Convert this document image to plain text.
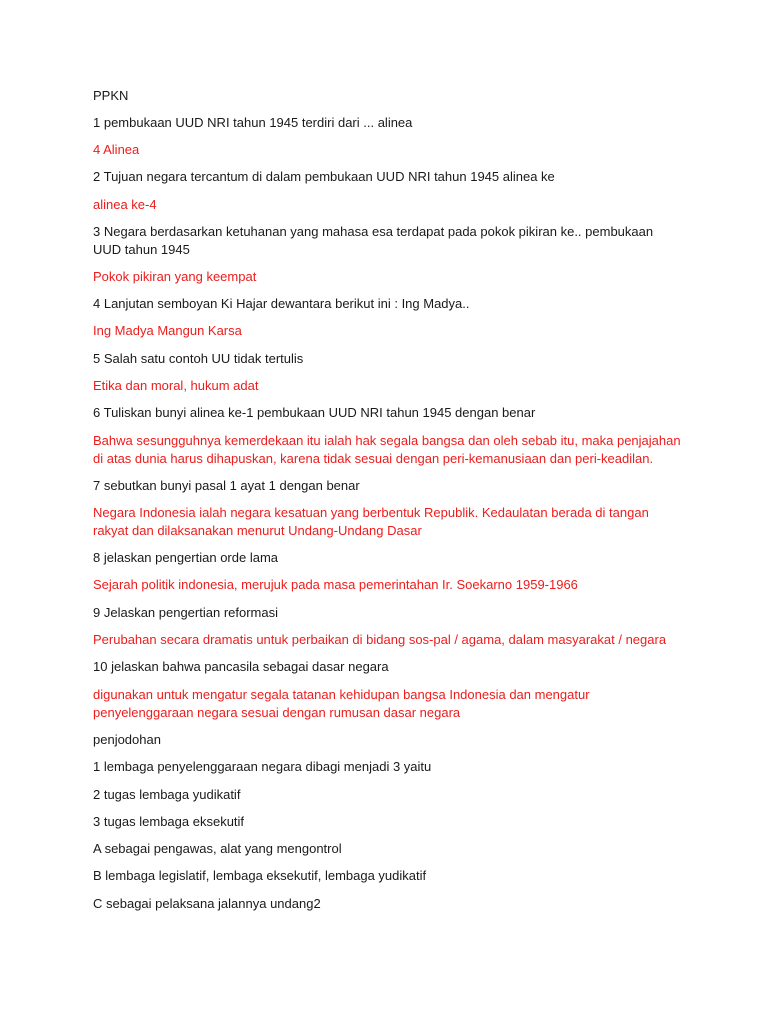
PPKN
1 pembukaan UUD NRI tahun 1945 terdiri dari ... alinea
4 Alinea
2 Tujuan negara tercantum di dalam pembukaan UUD NRI tahun 1945 alinea ke
alinea ke-4
3 Negara berdasarkan ketuhanan yang mahasa esa terdapat pada pokok pikiran ke.. pembukaan UUD tahun 1945
Pokok pikiran yang keempat
4 Lanjutan semboyan Ki Hajar dewantara berikut ini : Ing Madya..
Ing Madya Mangun Karsa
5 Salah satu contoh UU tidak tertulis
Etika dan moral, hukum adat
6 Tuliskan bunyi alinea ke-1 pembukaan UUD NRI tahun 1945 dengan benar
Bahwa sesungguhnya kemerdekaan itu ialah hak segala bangsa dan oleh sebab itu, maka penjajahan di atas dunia harus dihapuskan, karena tidak sesuai dengan peri-kemanusiaan dan peri-keadilan.
7 sebutkan bunyi pasal 1 ayat 1 dengan benar
Negara Indonesia ialah negara kesatuan yang berbentuk Republik. Kedaulatan berada di tangan rakyat dan dilaksanakan menurut Undang-Undang Dasar
8 jelaskan pengertian orde lama
Sejarah politik indonesia, merujuk pada masa pemerintahan Ir. Soekarno 1959-1966
9 Jelaskan pengertian reformasi
Perubahan secara dramatis untuk perbaikan di bidang sos-pal / agama, dalam masyarakat / negara
10 jelaskan bahwa pancasila sebagai dasar negara
digunakan untuk mengatur segala tatanan kehidupan bangsa Indonesia dan mengatur penyelenggaraan negara sesuai dengan rumusan dasar negara
penjodohan
1 lembaga penyelenggaraan negara dibagi menjadi 3 yaitu
2 tugas lembaga yudikatif
3 tugas lembaga eksekutif
A sebagai pengawas, alat yang mengontrol
B lembaga legislatif, lembaga eksekutif, lembaga yudikatif
C sebagai pelaksana jalannya undang2
